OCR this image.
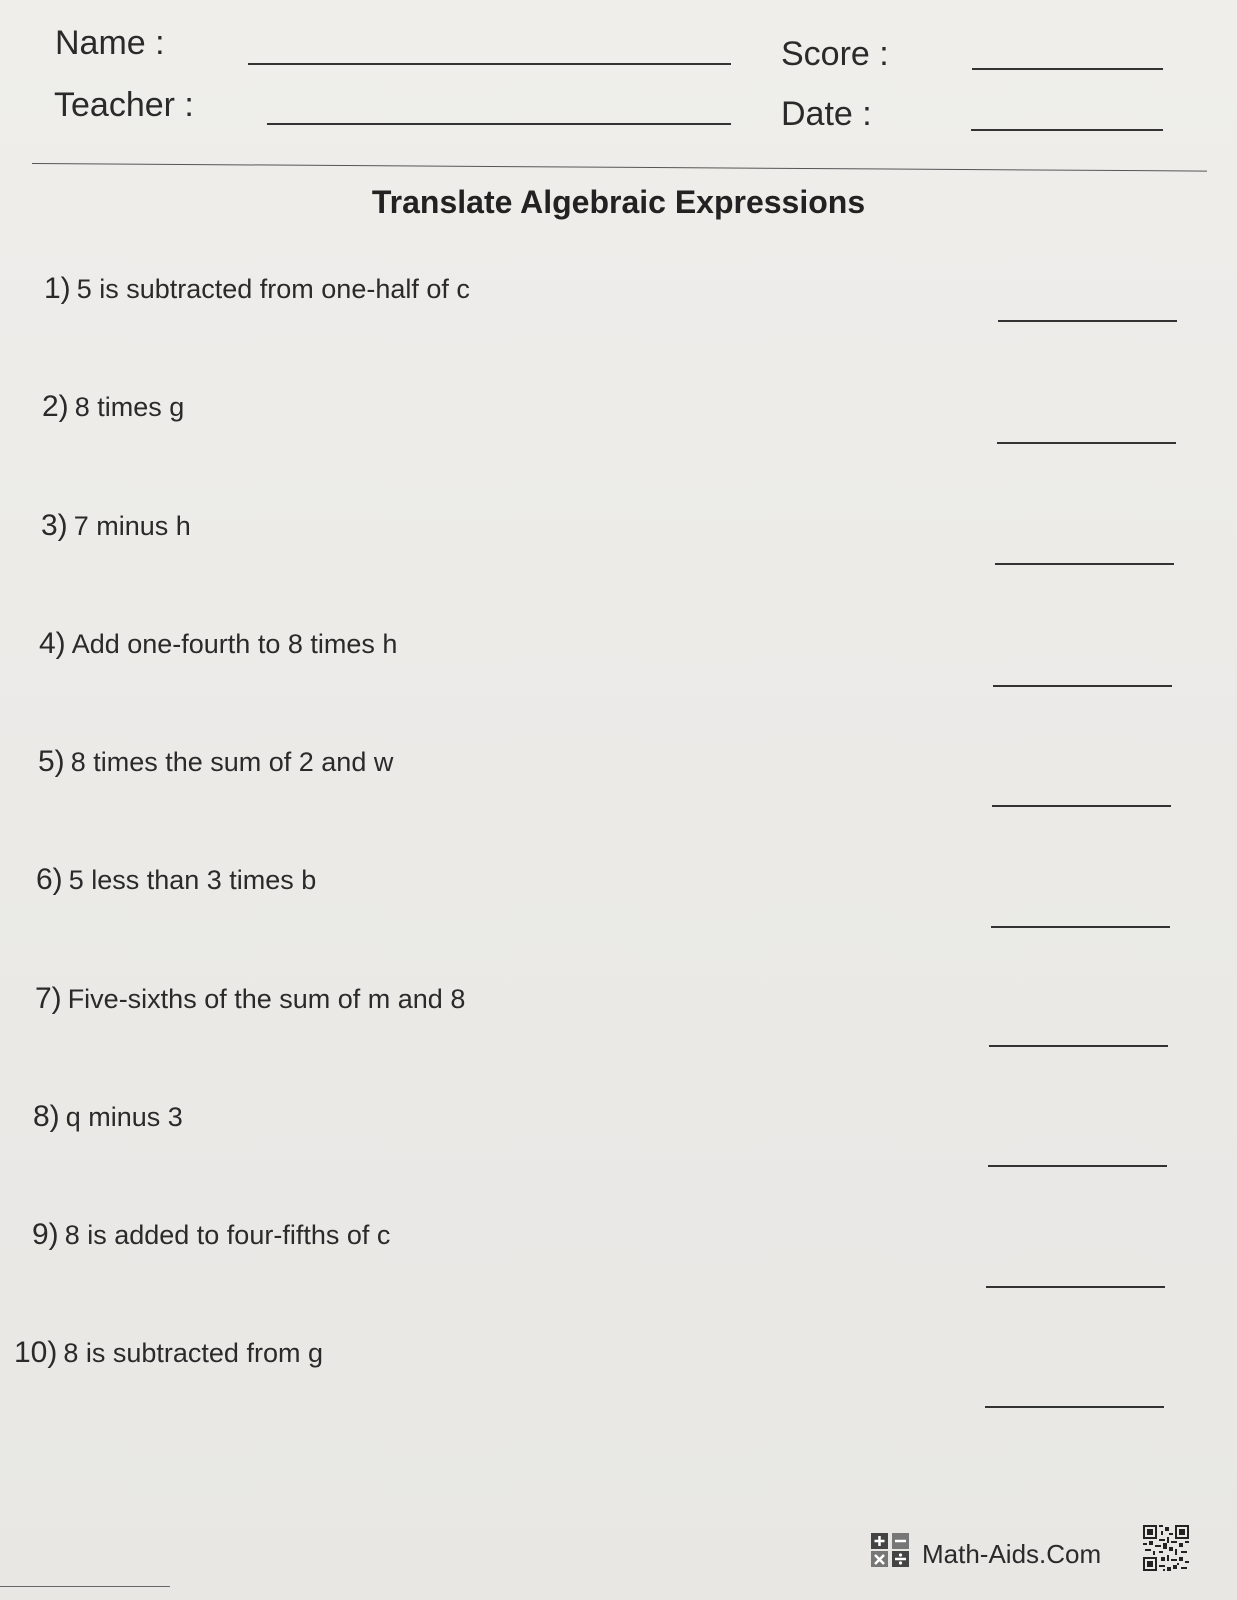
Name :
Teacher :
Score :
Date :
Translate Algebraic Expressions
1) 5 is subtracted from one-half of c
2) 8 times g
3) 7 minus h
4) Add one-fourth to 8 times h
5) 8 times the sum of 2 and w
6) 5 less than 3 times b
7) Five-sixths of the sum of m and 8
8) q minus 3
9) 8 is added to four-fifths of c
10) 8 is subtracted from g
Math-Aids.Com
